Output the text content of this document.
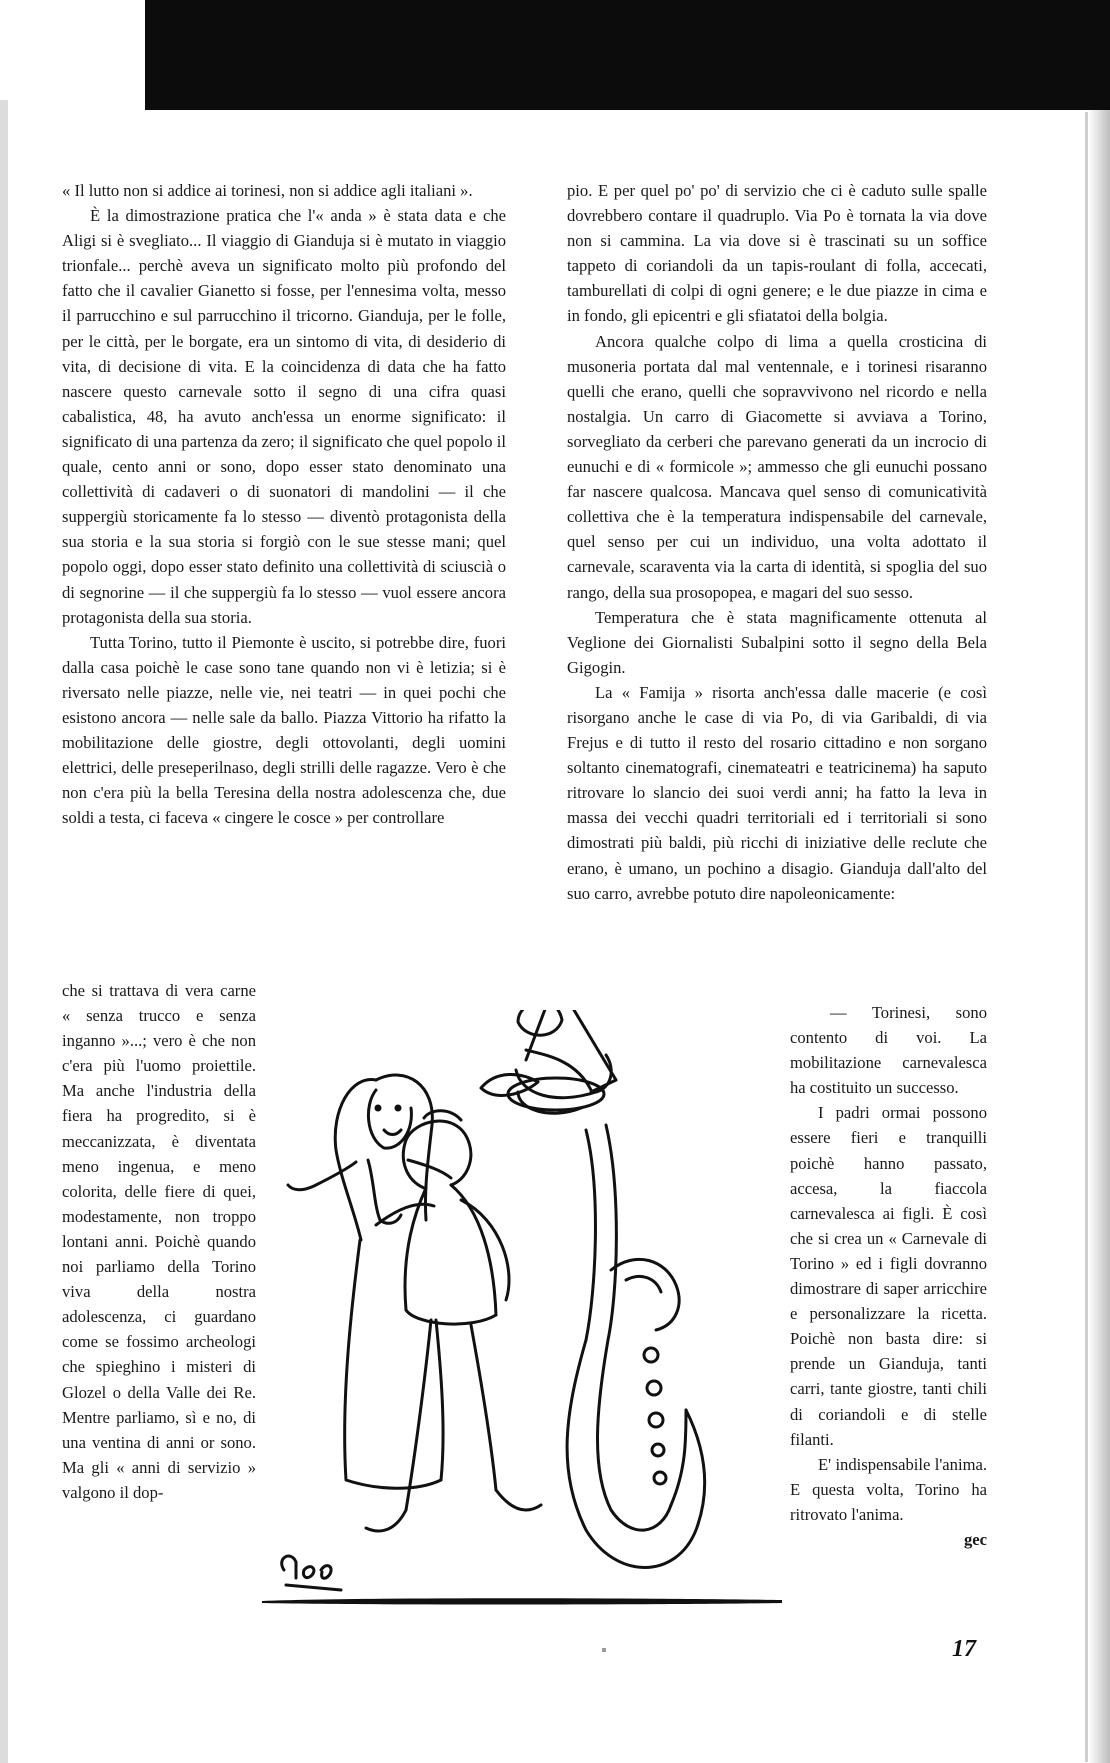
« Il lutto non si addice ai torinesi, non si addice agli italiani ».

È la dimostrazione pratica che l'« anda » è stata data e che Aligi si è svegliato... Il viaggio di Gianduja si è mutato in viaggio trionfale... perchè aveva un significato molto più profondo del fatto che il cavalier Gianetto si fosse, per l'ennesima volta, messo il parrucchino e sul parrucchino il tricorno. Gianduja, per le folle, per le città, per le borgate, era un sintomo di vita, di desiderio di vita, di decisione di vita. E la coincidenza di data che ha fatto nascere questo carnevale sotto il segno di una cifra quasi cabalistica, 48, ha avuto anch'essa un enorme significato: il significato di una partenza da zero; il significato che quel popolo il quale, cento anni or sono, dopo esser stato denominato una collettività di cadaveri o di suonatori di mandolini — il che suppergiù storicamente fa lo stesso — diventò protagonista della sua storia e la sua storia si forgiò con le sue stesse mani; quel popolo oggi, dopo esser stato definito una collettività di sciuscià o di segnorine — il che suppergiù fa lo stesso — vuol essere ancora protagonista della sua storia.

Tutta Torino, tutto il Piemonte è uscito, si potrebbe dire, fuori dalla casa poichè le case sono tane quando non vi è letizia; si è riversato nelle piazze, nelle vie, nei teatri — in quei pochi che esistono ancora — nelle sale da ballo. Piazza Vittorio ha rifatto la mobilitazione delle giostre, degli ottovolanti, degli uomini elettrici, delle preseperilnaso, degli strilli delle ragazze. Vero è che non c'era più la bella Teresina della nostra adolescenza che, due soldi a testa, ci faceva « cingere le cosce » per controllare

che si trattava di vera carne « senza trucco e senza inganno »...; vero è che non c'era più l'uomo proiettile. Ma anche l'industria della fiera ha progredito, si è meccanizzata, è diventata meno ingenua, e meno colorita, delle fiere di quei, modestamente, non troppo lontani anni. Poichè quando noi parliamo della Torino viva della nostra adolescenza, ci guardano come se fossimo archeologi che spieghino i misteri di Glozel o della Valle dei Re. Mentre parliamo, sì e no, di una ventina di anni or sono. Ma gli « anni di servizio » valgono il dop-

pio. E per quel po' po' di servizio che ci è caduto sulle spalle dovrebbero contare il quadruplo. Via Po è tornata la via dove non si cammina. La via dove si è trascinati su un soffice tappeto di coriandoli da un tapis-roulant di folla, accecati, tamburellati di colpi di ogni genere; e le due piazze in cima e in fondo, gli epicentri e gli sfiatatoi della bolgia.

Ancora qualche colpo di lima a quella crosticina di musoneria portata dal mal ventennale, e i torinesi risaranno quelli che erano, quelli che sopravvivono nel ricordo e nella nostalgia. Un carro di Giacomette si avviava a Torino, sorvegliato da cerberi che parevano generati da un incrocio di eunuchi e di « formicole »; ammesso che gli eunuchi possano far nascere qualcosa. Mancava quel senso di comunicatività collettiva che è la temperatura indispensabile del carnevale, quel senso per cui un individuo, una volta adottato il carnevale, scaraventa via la carta di identità, si spoglia del suo rango, della sua prosopopea, e magari del suo sesso.

Temperatura che è stata magnificamente ottenuta al Veglione dei Giornalisti Subalpini sotto il segno della Bela Gigogin.

La « Famija » risorta anch'essa dalle macerie (e così risorgano anche le case di via Po, di via Garibaldi, di via Frejus e di tutto il resto del rosario cittadino e non sorgano soltanto cinematografi, cinemateatri e teatricinema) ha saputo ritrovare lo slancio dei suoi verdi anni; ha fatto la leva in massa dei vecchi quadri territoriali ed i territoriali si sono dimostrati più baldi, più ricchi di iniziative delle reclute che erano, è umano, un pochino a disagio. Gianduja dall'alto del suo carro, avrebbe potuto dire napoleonicamente:

— Torinesi, sono contento di voi. La mobilitazione carnevalesca ha costituito un successo.

I padri ormai possono essere fieri e tranquilli poichè hanno passato, accesa, la fiaccola carnevalesca ai figli. È così che si crea un « Carnevale di Torino » ed i figli dovranno dimostrare di saper arricchire e personalizzare la ricetta. Poichè non basta dire: si prende un Gianduja, tanti carri, tante giostre, tanti chili di coriandoli e di stelle filanti.

E' indispensabile l'anima. E questa volta, Torino ha ritrovato l'anima.

gec

17
